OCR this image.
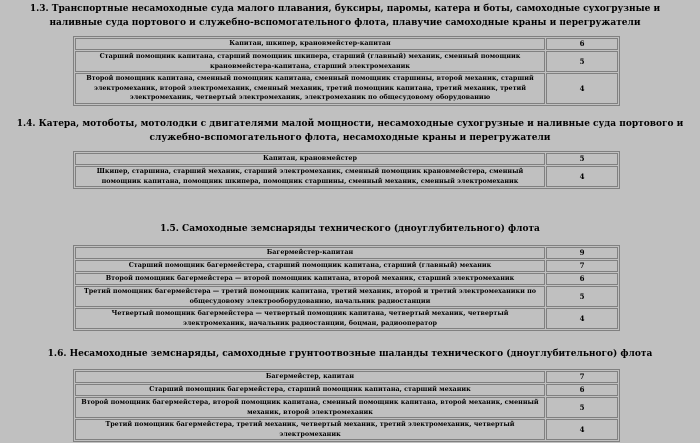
1.3. Транспортные несамоходные суда малого плавания, буксиры, паромы, катера и боты, самоходные сухогрузные и наливные суда портового и служебно-вспомогательного флота, плавучие самоходные краны и перегружатели
Капитан, шкипер, крановмейстер-капитан	6
Старший помощник капитана, старший помощник шкипера, старший (главный) механик, сменный помощник крановмейстера-капитана, старший электромеханик	5
Второй помощник капитана, сменный помощник капитана, сменный помощник старшины, второй механик, старший электромеханик, второй электромеханик, сменный механик, третий помощник капитана, третий механик, третий электромеханик, четвертый электромеханик, электромеханик по общесудовому оборудованию	4
1.4. Катера, мотоботы, мотолодки с двигателями малой мощности, несамоходные сухогрузные и наливные суда портового и служебно-вспомогательного флота, несамоходные краны и перегружатели
Капитан, крановмейстер	5
Шкипер, старшина, старший механик, старший электромеханик, сменный помощник крановмейстера, сменный помощник капитана, помощник шкипера, помощник старшины, сменный механик, сменный электромеханик	4
1.5. Самоходные земснаряды технического (дноуглубительного) флота
Багермейстер-капитан	9
Старший помощник багермейстера, старший помощник капитана, старший (главный) механик	7
Второй помощник багермейстера — второй помощник капитана, второй механик, старший электромеханик	6
Третий помощник багермейстера — третий помощник капитана, третий механик, второй и третий электромеханики по общесудовому электрооборудованию, начальник радиостанции	5
Четвертый помощник багермейстера — четвертый помощник капитана, четвертый механик, четвертый электромеханик, начальник радиостанции, боцман, радиооператор	4
1.6. Несамоходные земснаряды, самоходные грунтоотвозные шаланды технического (дноуглубительного) флота
Багермейстер, капитан	7
Старший помощник багермейстера, старший помощник капитана, старший механик	6
Второй помощник багермейстера, второй помощник капитана, сменный помощник капитана, второй механик, сменный механик, второй электромеханик	5
Третий помощник багермейстера, третий механик, четвертый механик, третий электромеханик, четвертый электромеханик	4
